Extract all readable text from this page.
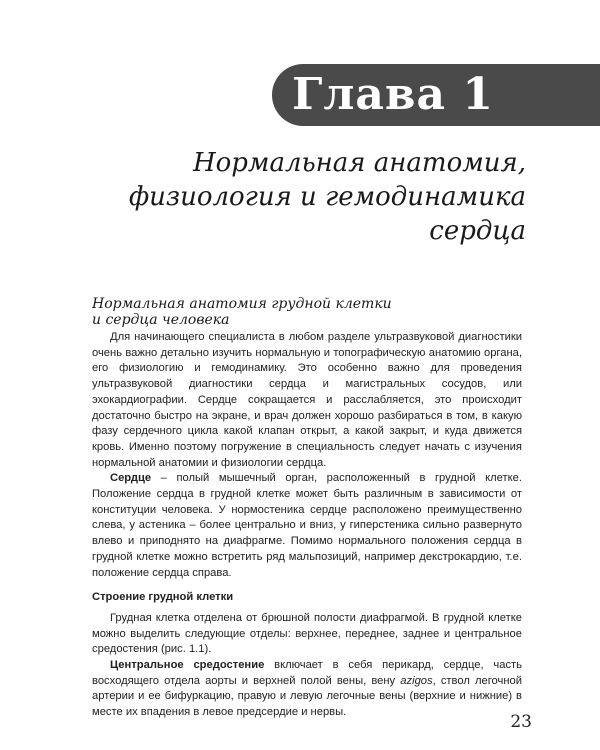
Глава 1
Нормальная анатомия,
физиология и гемодинамика
сердца
Нормальная анатомия грудной клетки
и сердца человека

Для начинающего специалиста в любом разделе ультразвуковой диагностики очень важно детально изучить нормальную и топографическую анатомию органа, его физиологию и гемодинамику. Это особенно важно для проведения ультразвуковой диагностики сердца и магистральных сосудов, или эхокардиографии. Сердце сокращается и расслабляется, это происходит достаточно быстро на экране, и врач должен хорошо разбираться в том, в какую фазу сердечного цикла какой клапан открыт, а какой закрыт, и куда движется кровь. Именно поэтому погружение в специальность следует начать с изучения нормальной анатомии и физиологии сердца.

Сердце – полый мышечный орган, расположенный в грудной клетке. Положение сердца в грудной клетке может быть различным в зависимости от конституции человека. У нормостеника сердце расположено преимущественно слева, у астеника – более центрально и вниз, у гиперстеника сильно развернуто влево и приподнято на диафрагме. Помимо нормального положения сердца в грудной клетке можно встретить ряд мальпозиций, например декстрокардию, т.е. положение сердца справа.

Строение грудной клетки

Грудная клетка отделена от брюшной полости диафрагмой. В грудной клетке можно выделить следующие отделы: верхнее, переднее, заднее и центральное средостения (рис. 1.1).

Центральное средостение включает в себя перикард, сердце, часть восходящего отдела аорты и верхней полой вены, вену azigos, ствол легочной артерии и ее бифуркацию, правую и левую легочные вены (верхние и нижние) в месте их впадения в левое предсердие и нервы.	23
